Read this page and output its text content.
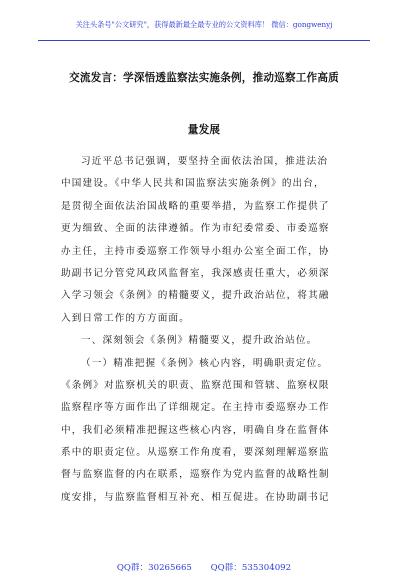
关注头条号"公文研究"，获得最新最全最专业的公文资料库！ 微信：gongwenyj
交流发言：学深悟透监察法实施条例，推动巡察工作高质
量发展
习近平总书记强调，要坚持全面依法治国，推进法治
中国建设。《中华人民共和国监察法实施条例》的出台，
是贯彻全面依法治国战略的重要举措，为监察工作提供了
更为细致、全面的法律遵循。作为市纪委常委、市委巡察
办主任，主持市委巡察工作领导小组办公室全面工作，协
助副书记分管党风政风监督室，我深感责任重大，必须深
入学习领会《条例》的精髓要义，提升政治站位，将其融
入到日常工作的方方面面。
一、深刻领会《条例》精髓要义，提升政治站位。
（一）精准把握《条例》核心内容，明确职责定位。
《条例》对监察机关的职责、监察范围和管辖、监察权限
监察程序等方面作出了详细规定。在主持市委巡察办工作
中，我们必须精准把握这些核心内容，明确自身在监督体
系中的职责定位。从巡察工作角度看，要深刻理解巡察监
督与监察监督的内在联系，巡察作为党内监督的战略性制
度安排，与监察监督相互补充、相互促进。在协助副书记
QQ群：30265665 QQ群：535304092
